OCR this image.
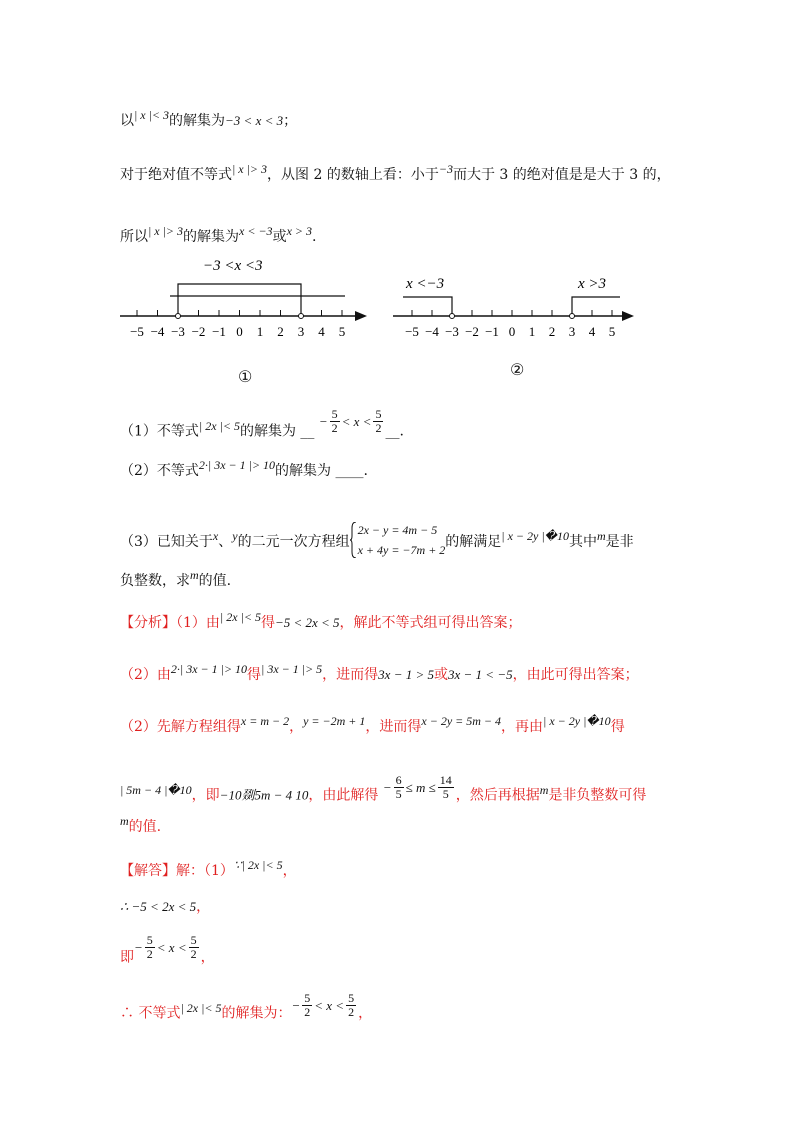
以| x |< 3的解集为−3 < x < 3；
对于绝对值不等式| x |> 3，从图 2 的数轴上看：小于−3而大于 3 的绝对值是是大于 3 的，
所以| x |> 3的解集为x < −3或x > 3.
−3 <x <3
−5 −4 −3 −2 −1 0 1 2 3 4 5
①
x <−3	x >3
−5 −4 −3 −2 −1 0 1 2 3 4 5
②
（1）不等式| 2x |< 5的解集为 __ − $\frac{5}{2} < x < \frac{5}{2}$ __.
（2）不等式2·| 3x − 1 |> 10的解集为 ____.
（3）已知关于x、y的二元一次方程组
2x − y = 4m − 5
x + 4y = −7m + 2的解满足| x − 2y |�10其中m是非
负整数，求m的值.
【分析】（1）由| 2x |< 5得−5 < 2x < 5，解此不等式组可得出答案；
（2）由2·| 3x − 1 |> 10得| 3x − 1 |> 5，进而得3x − 1 > 5或3x − 1 < −5，由此可得出答案；
（2）先解方程组得x = m − 2，y = −2m + 1，进而得x − 2y = 5m − 4，再由| x − 2y |�10得
| 5m − 4 |�10，即−10剟5m − 4 10，由此解得 − $\frac{6}{5} \le m \le \frac{14}{5}$ ，然后再根据m是非负整数可得
m的值.
【解答】解：（1）∵| 2x |< 5，
∴ −5 < 2x < 5，
即− $\frac{5}{2} < x < \frac{5}{2}$ ，
∴ 不等式| 2x |< 5的解集为：− $\frac{5}{2} < x < \frac{5}{2}$ ，
